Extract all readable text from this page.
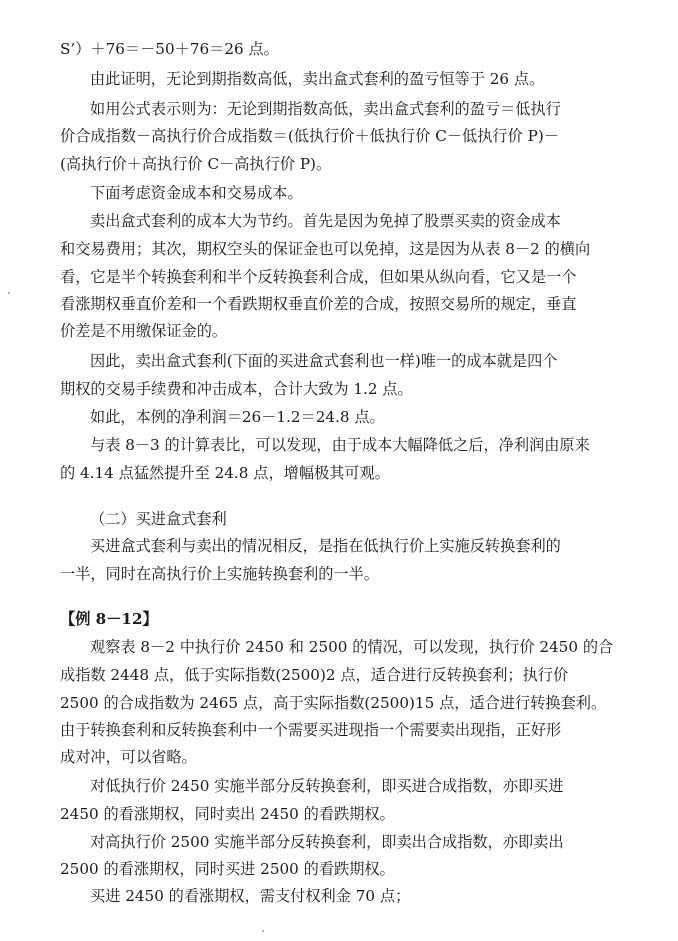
S’）＋76＝－50＋76＝26 点。
由此证明，无论到期指数高低，卖出盒式套利的盈亏恒等于 26 点。
如用公式表示则为：无论到期指数高低，卖出盒式套利的盈亏＝低执行
价合成指数－高执行价合成指数＝(低执行价＋低执行价 C－低执行价 P)－
(高执行价＋高执行价 C－高执行价 P)。
下面考虑资金成本和交易成本。
卖出盒式套利的成本大为节约。首先是因为免掉了股票买卖的资金成本
和交易费用；其次，期权空头的保证金也可以免掉，这是因为从表 8－2 的横向
看，它是半个转换套利和半个反转换套利合成，但如果从纵向看，它又是一个
看涨期权垂直价差和一个看跌期权垂直价差的合成，按照交易所的规定，垂直
价差是不用缴保证金的。
因此，卖出盒式套利(下面的买进盒式套利也一样)唯一的成本就是四个
期权的交易手续费和冲击成本，合计大致为 1.2 点。
如此，本例的净利润＝26－1.2＝24.8 点。
与表 8－3 的计算表比，可以发现，由于成本大幅降低之后，净利润由原来
的 4.14 点猛然提升至 24.8 点，增幅极其可观。
（二）买进盒式套利
买进盒式套利与卖出的情况相反，是指在低执行价上实施反转换套利的
一半，同时在高执行价上实施转换套利的一半。
【例 8－12】
观察表 8－2 中执行价 2450 和 2500 的情况，可以发现，执行价 2450 的合
成指数 2448 点，低于实际指数(2500)2 点，适合进行反转换套利；执行价
2500 的合成指数为 2465 点，高于实际指数(2500)15 点，适合进行转换套利。
由于转换套利和反转换套利中一个需要买进现指一个需要卖出现指，正好形
成对冲，可以省略。
对低执行价 2450 实施半部分反转换套利，即买进合成指数，亦即买进
2450 的看涨期权，同时卖出 2450 的看跌期权。
对高执行价 2500 实施半部分反转换套利，即卖出合成指数，亦即卖出
2500 的看涨期权，同时买进 2500 的看跌期权。
买进 2450 的看涨期权，需支付权利金 70 点；
